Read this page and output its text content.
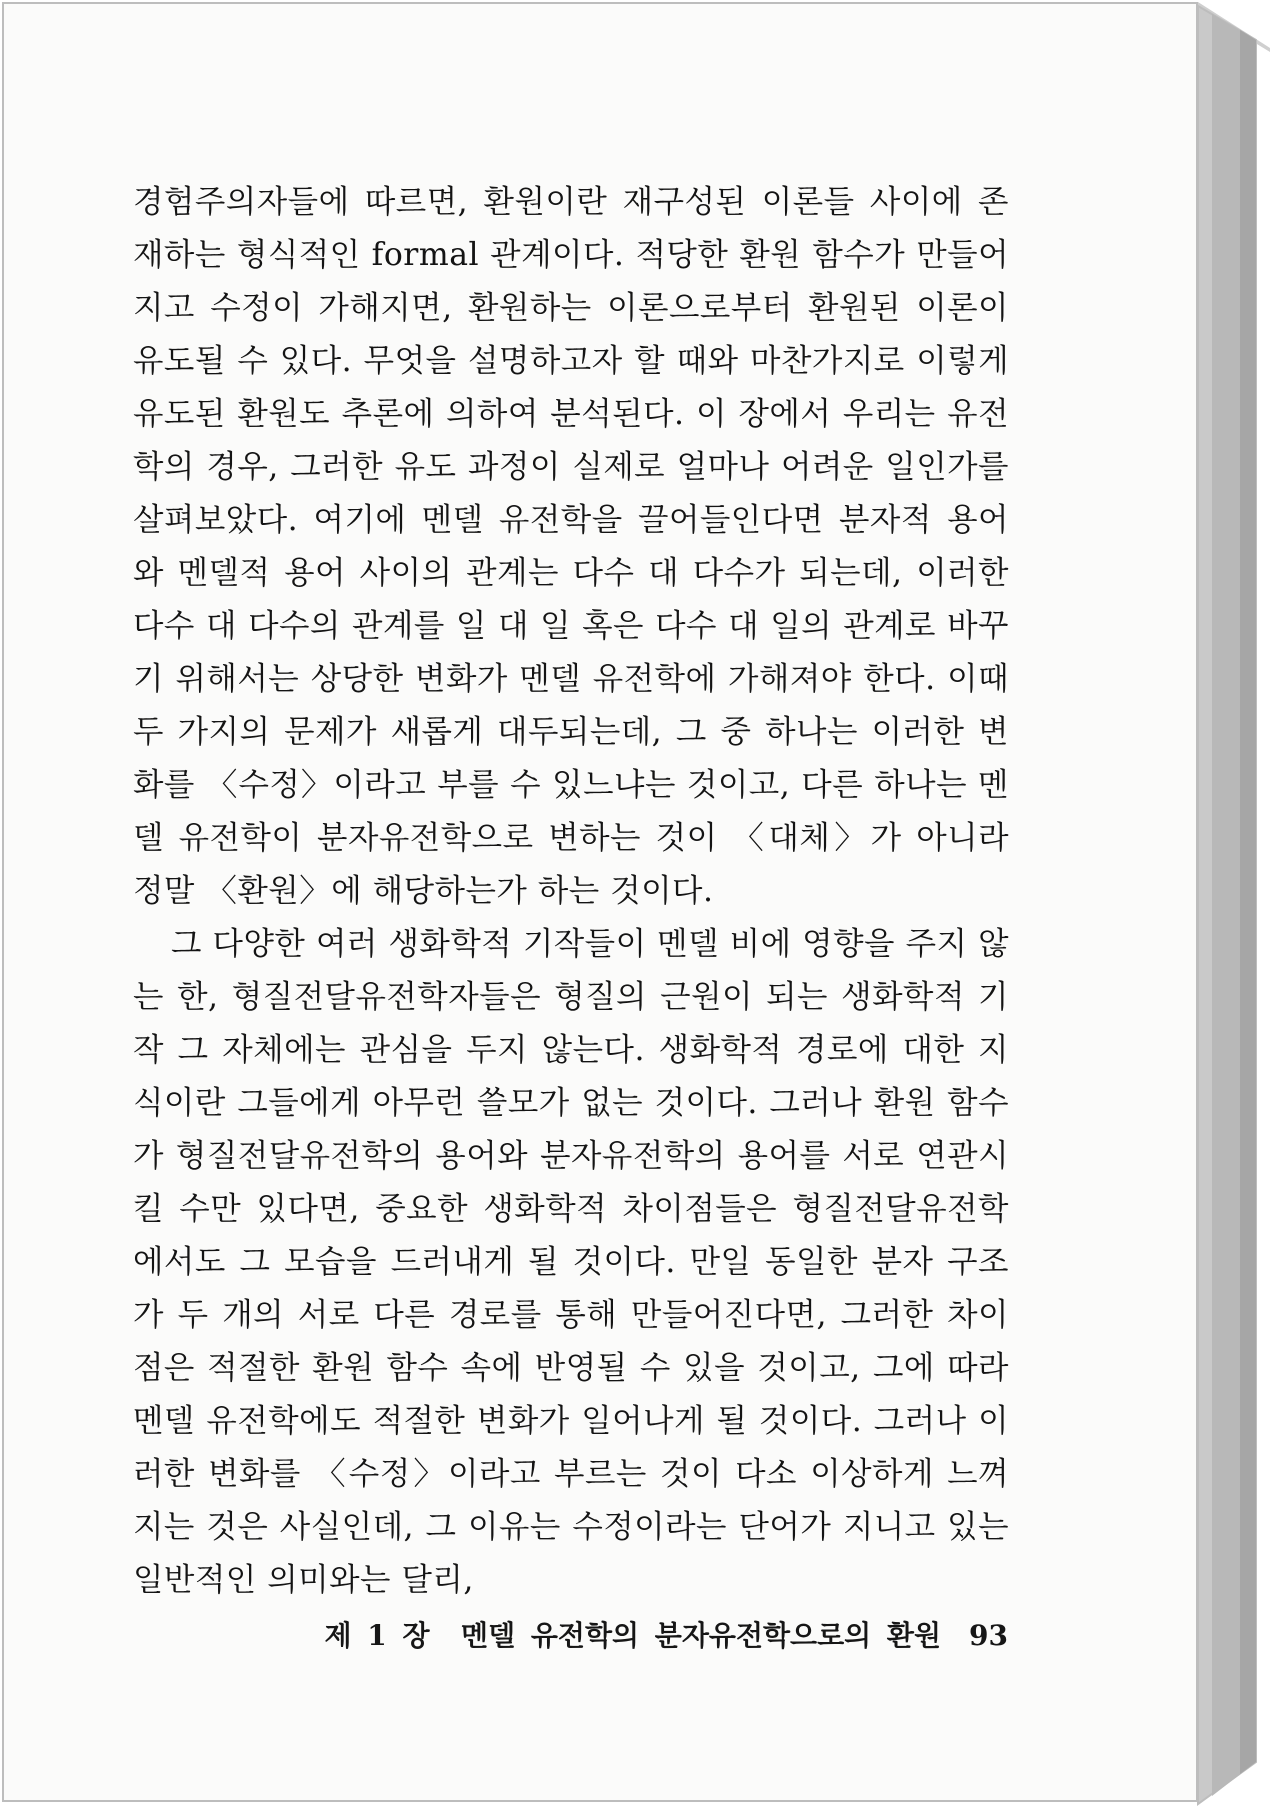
경험주의자들에 따르면, 환원이란 재구성된 이론들 사이에 존재하는 형식적인 formal 관계이다. 적당한 환원 함수가 만들어지고 수정이 가해지면, 환원하는 이론으로부터 환원된 이론이 유도될 수 있다. 무엇을 설명하고자 할 때와 마찬가지로 이렇게 유도된 환원도 추론에 의하여 분석된다. 이 장에서 우리는 유전학의 경우, 그러한 유도 과정이 실제로 얼마나 어려운 일인가를 살펴보았다. 여기에 멘델 유전학을 끌어들인다면 분자적 용어와 멘델적 용어 사이의 관계는 다수 대 다수가 되는데, 이러한 다수 대 다수의 관계를 일 대 일 혹은 다수 대 일의 관계로 바꾸기 위해서는 상당한 변화가 멘델 유전학에 가해져야 한다. 이때 두 가지의 문제가 새롭게 대두되는데, 그 중 하나는 이러한 변화를 〈수정〉이라고 부를 수 있느냐는 것이고, 다른 하나는 멘델 유전학이 분자유전학으로 변하는 것이 〈대체〉가 아니라 정말 〈환원〉에 해당하는가 하는 것이다.

그 다양한 여러 생화학적 기작들이 멘델 비에 영향을 주지 않는 한, 형질전달유전학자들은 형질의 근원이 되는 생화학적 기작 그 자체에는 관심을 두지 않는다. 생화학적 경로에 대한 지식이란 그들에게 아무런 쓸모가 없는 것이다. 그러나 환원 함수가 형질전달유전학의 용어와 분자유전학의 용어를 서로 연관시킬 수만 있다면, 중요한 생화학적 차이점들은 형질전달유전학에서도 그 모습을 드러내게 될 것이다. 만일 동일한 분자 구조가 두 개의 서로 다른 경로를 통해 만들어진다면, 그러한 차이점은 적절한 환원 함수 속에 반영될 수 있을 것이고, 그에 따라 멘델 유전학에도 적절한 변화가 일어나게 될 것이다. 그러나 이러한 변화를 〈수정〉이라고 부르는 것이 다소 이상하게 느껴지는 것은 사실인데, 그 이유는 수정이라는 단어가 지니고 있는 일반적인 의미와는 달리,

제 1 장 멘델 유전학의 분자유전학으로의 환원 93
